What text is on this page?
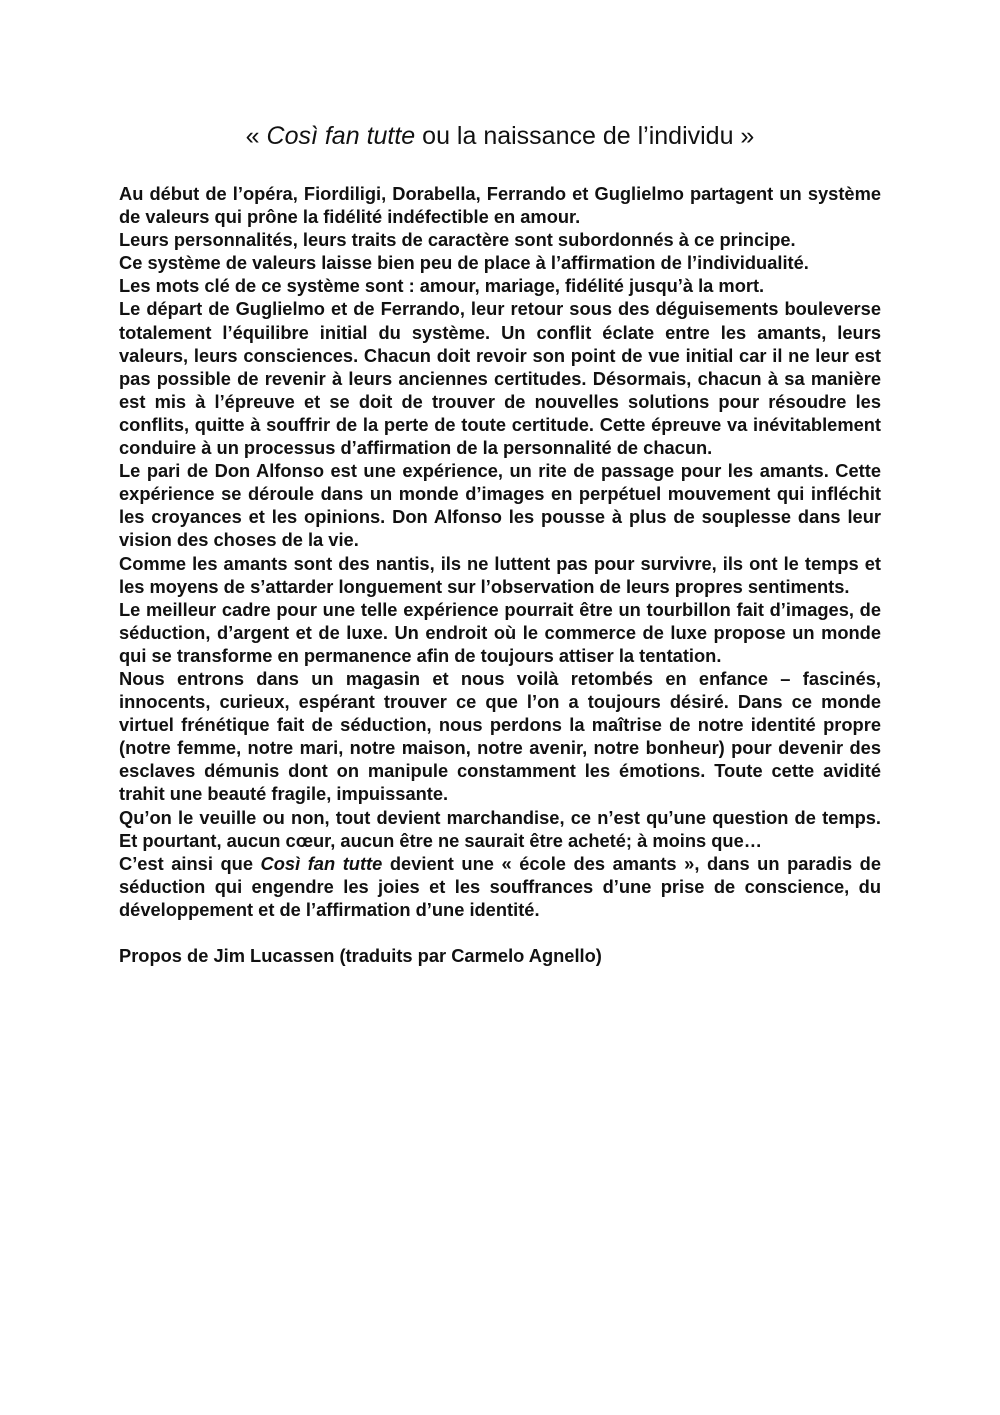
« Così fan tutte ou la naissance de l’individu »

Au début de l’opéra, Fiordiligi, Dorabella, Ferrando et Guglielmo partagent un système de valeurs qui prône la fidélité indéfectible en amour.

Leurs personnalités, leurs traits de caractère sont subordonnés à ce principe.

Ce système de valeurs laisse bien peu de place à l’affirmation de l’individualité.

Les mots clé de ce système sont : amour, mariage, fidélité jusqu’à la mort.

Le départ de Guglielmo et de Ferrando, leur retour sous des déguisements bouleverse totalement l’équilibre initial du système. Un conflit éclate entre les amants, leurs valeurs, leurs consciences. Chacun doit revoir son point de vue initial car il ne leur est pas possible de revenir à leurs anciennes certitudes. Désormais, chacun à sa manière est mis à l’épreuve et se doit de trouver de nouvelles solutions pour résoudre les conflits, quitte à souffrir de la perte de toute certitude. Cette épreuve va inévitablement conduire à un processus d’affirmation de la personnalité de chacun.

Le pari de Don Alfonso est une expérience, un rite de passage pour les amants. Cette expérience se déroule dans un monde d’images en perpétuel mouvement qui infléchit les croyances et les opinions. Don Alfonso les pousse à plus de souplesse dans leur vision des choses de la vie.

Comme les amants sont des nantis, ils ne luttent pas pour survivre, ils ont le temps et les moyens de s’attarder longuement sur l’observation de leurs propres sentiments.

Le meilleur cadre pour une telle expérience pourrait être un tourbillon fait d’images, de séduction, d’argent et de luxe. Un endroit où le commerce de luxe propose un monde qui se transforme en permanence afin de toujours attiser la tentation.

Nous entrons dans un magasin et nous voilà retombés en enfance – fascinés, innocents, curieux, espérant trouver ce que l’on a toujours désiré. Dans ce monde virtuel frénétique fait de séduction, nous perdons la maîtrise de notre identité propre (notre femme, notre mari, notre maison, notre avenir, notre bonheur) pour devenir des esclaves démunis dont on manipule constamment les émotions. Toute cette avidité trahit une beauté fragile, impuissante.

Qu’on le veuille ou non, tout devient marchandise, ce n’est qu’une question de temps. Et pourtant, aucun cœur, aucun être ne saurait être acheté; à moins que…

C’est ainsi que Così fan tutte devient une « école des amants », dans un paradis de séduction qui engendre les joies et les souffrances d’une prise de conscience, du développement et de l’affirmation d’une identité.

Propos de Jim Lucassen (traduits par Carmelo Agnello)
